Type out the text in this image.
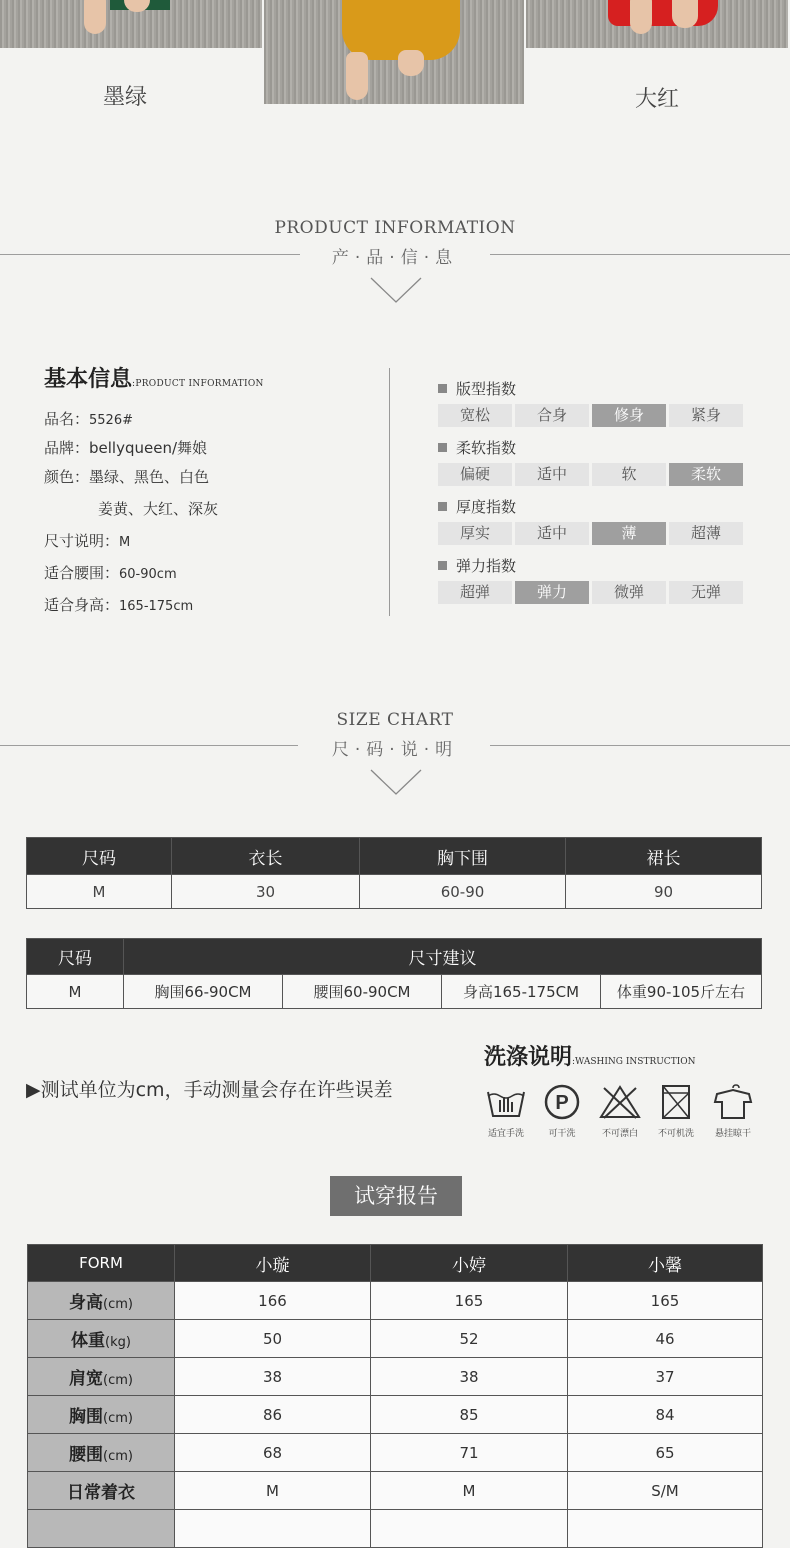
墨绿	大红
PRODUCT INFORMATION
产·品·信·息
基本信息:PRODUCT INFORMATION
品名：5526#
品牌：bellyqueen/舞娘
颜色：墨绿、黑色、白色
姜黄、大红、深灰
尺寸说明：M
适合腰围：60-90cm
适合身高：165-175cm
版型指数
宽松	合身	修身	紧身
柔软指数
偏硬	适中	软	柔软
厚度指数
厚实	适中	薄	超薄
弹力指数
超弹	弹力	微弹	无弹
SIZE CHART
尺·码·说·明
尺码	衣长	胸下围	裙长
M	30	60-90	90
尺码	尺寸建议			
M	胸围66-90CM	腰围60-90CM	身高165-175CM	体重90-105斤左右
▶测试单位为cm，手动测量会存在许些误差
洗涤说明:WASHING INSTRUCTION
适宜手洗
P
可干洗	不可漂白	不可机洗	悬挂晾干
试穿报告
FORM	小璇	小婷	小馨
身高(cm)	166	165	165
体重(kg)	50	52	46
肩宽(cm)	38	38	37
胸围(cm)	86	85	84
腰围(cm)	68	71	65
日常着衣	M	M	S/M
